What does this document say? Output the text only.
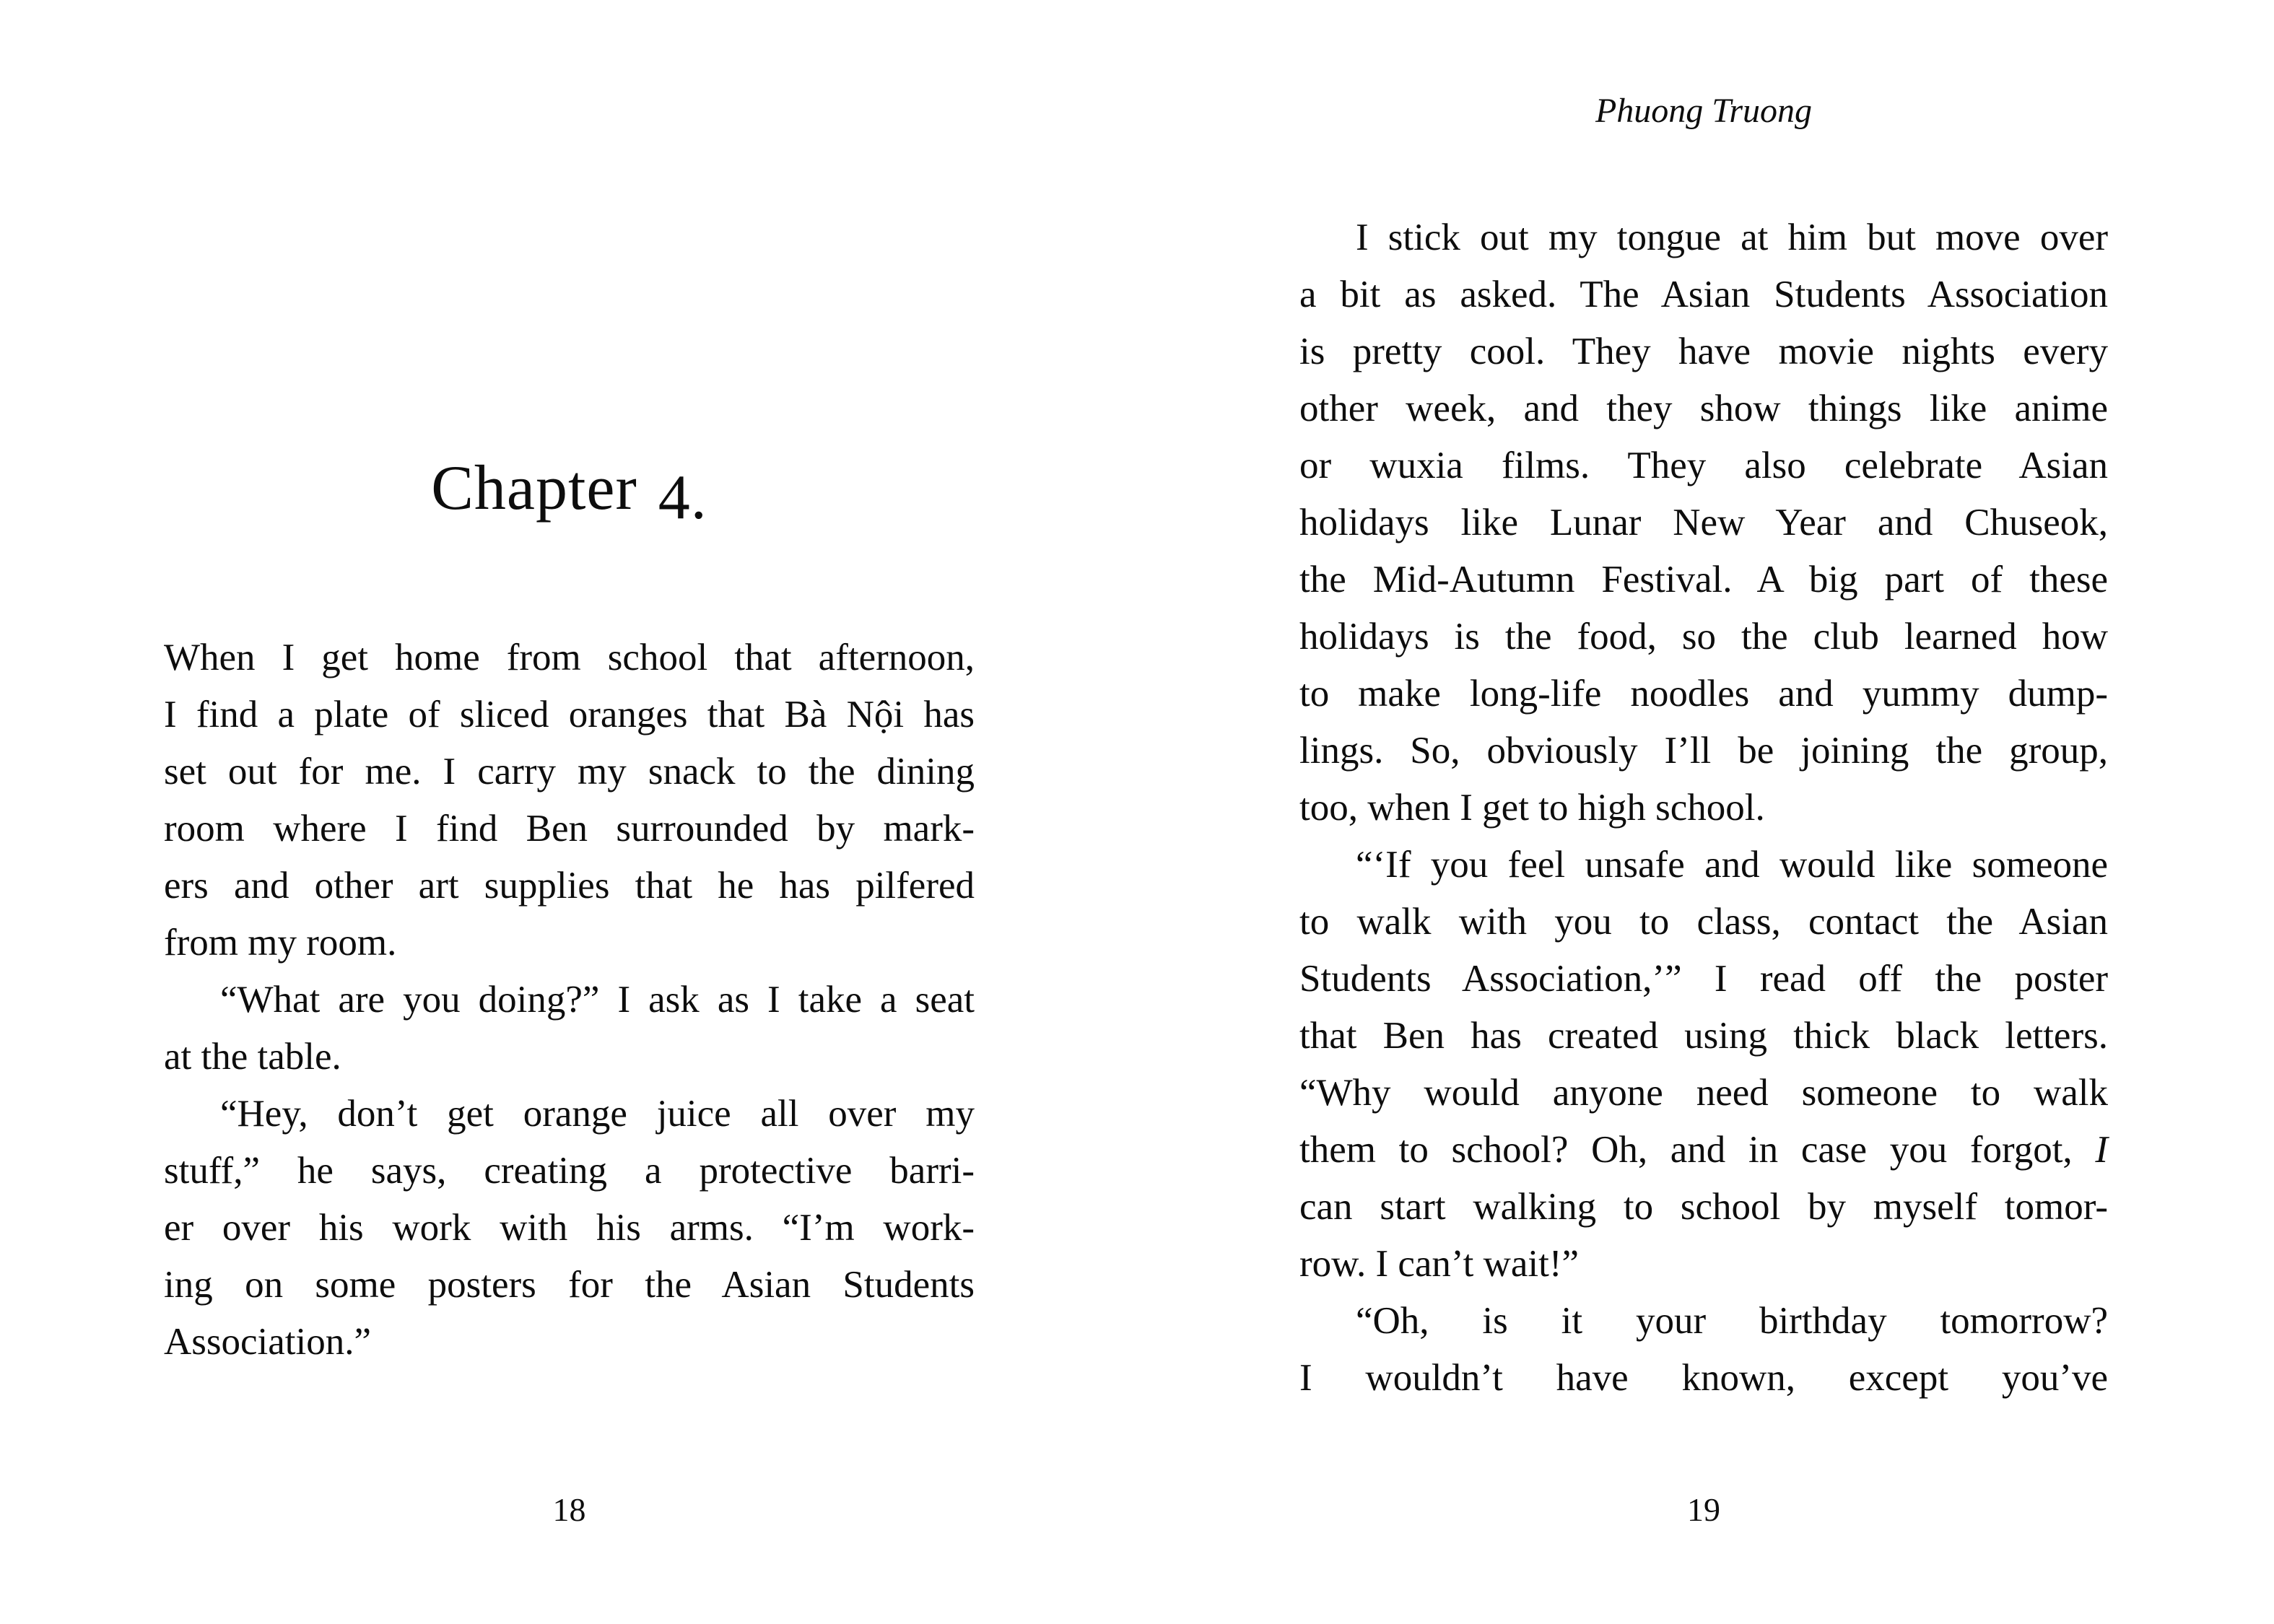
Chapter 4.
When I get home from school that afternoon,
I find a plate of sliced oranges that Bà Nội has
set out for me. I carry my snack to the dining
room where I find Ben surrounded by mark-
ers and other art supplies that he has pilfered
from my room.
“What are you doing?” I ask as I take a seat
at the table.
“Hey, don’t get orange juice all over my
stuff,” he says, creating a protective barri-
er over his work with his arms. “I’m work-
ing on some posters for the Asian Students
Association.”
18
Phuong Truong
I stick out my tongue at him but move over
a bit as asked. The Asian Students Association
is pretty cool. They have movie nights every
other week, and they show things like anime
or wuxia films. They also celebrate Asian
holidays like Lunar New Year and Chuseok,
the Mid-Autumn Festival. A big part of these
holidays is the food, so the club learned how
to make long-life noodles and yummy dump-
lings. So, obviously I’ll be joining the group,
too, when I get to high school.
“‘If you feel unsafe and would like someone
to walk with you to class, contact the Asian
Students Association,’” I read off the poster
that Ben has created using thick black letters.
“Why would anyone need someone to walk
them to school? Oh, and in case you forgot, I
can start walking to school by myself tomor-
row. I can’t wait!”
“Oh, is it your birthday tomorrow?
I wouldn’t have known, except you’ve
19
